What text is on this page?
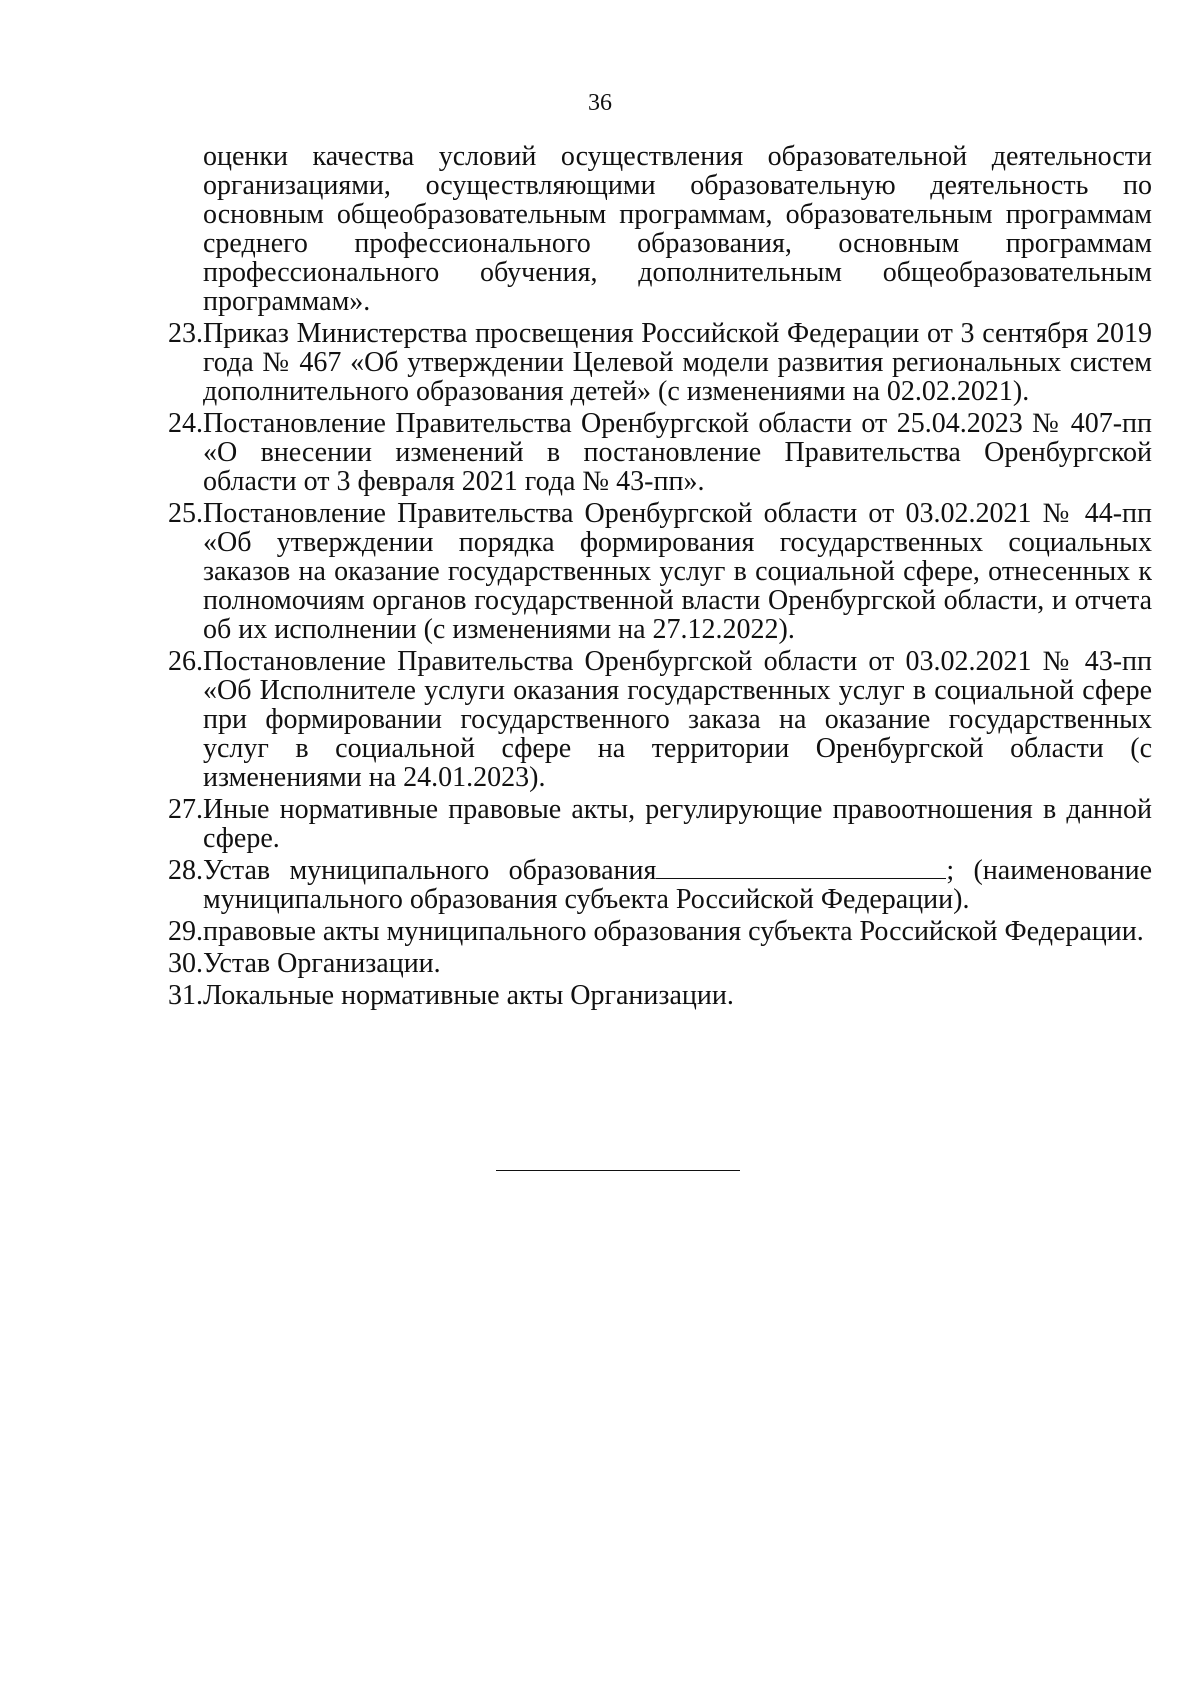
36
оценки качества условий осуществления образовательной деятельности организациями, осуществляющими образовательную деятельность по основным общеобразовательным программам, образовательным программам среднего профессионального образования, основным программам профессионального обучения, дополнительным общеобразовательным программам».
23. Приказ Министерства просвещения Российской Федерации от 3 сентября 2019 года № 467 «Об утверждении Целевой модели развития региональных систем дополнительного образования детей» (с изменениями на 02.02.2021).
24. Постановление Правительства Оренбургской области от 25.04.2023 № 407-пп «О внесении изменений в постановление Правительства Оренбургской области от 3 февраля 2021 года № 43-пп».
25. Постановление Правительства Оренбургской области от 03.02.2021 № 44-пп «Об утверждении порядка формирования государственных социальных заказов на оказание государственных услуг в социальной сфере, отнесенных к полномочиям органов государственной власти Оренбургской области, и отчета об их исполнении (с изменениями на 27.12.2022).
26. Постановление Правительства Оренбургской области от 03.02.2021 № 43-пп «Об Исполнителе услуги оказания государственных услуг в социальной сфере при формировании государственного заказа на оказание государственных услуг в социальной сфере на территории Оренбургской области (с изменениями на 24.01.2023).
27. Иные нормативные правовые акты, регулирующие правоотношения в данной сфере.
28. Устав муниципального образования	; (наименование муниципального образования субъекта Российской Федерации).
29. правовые акты муниципального образования субъекта Российской Федерации.
30. Устав Организации.
31. Локальные нормативные акты Организации.
